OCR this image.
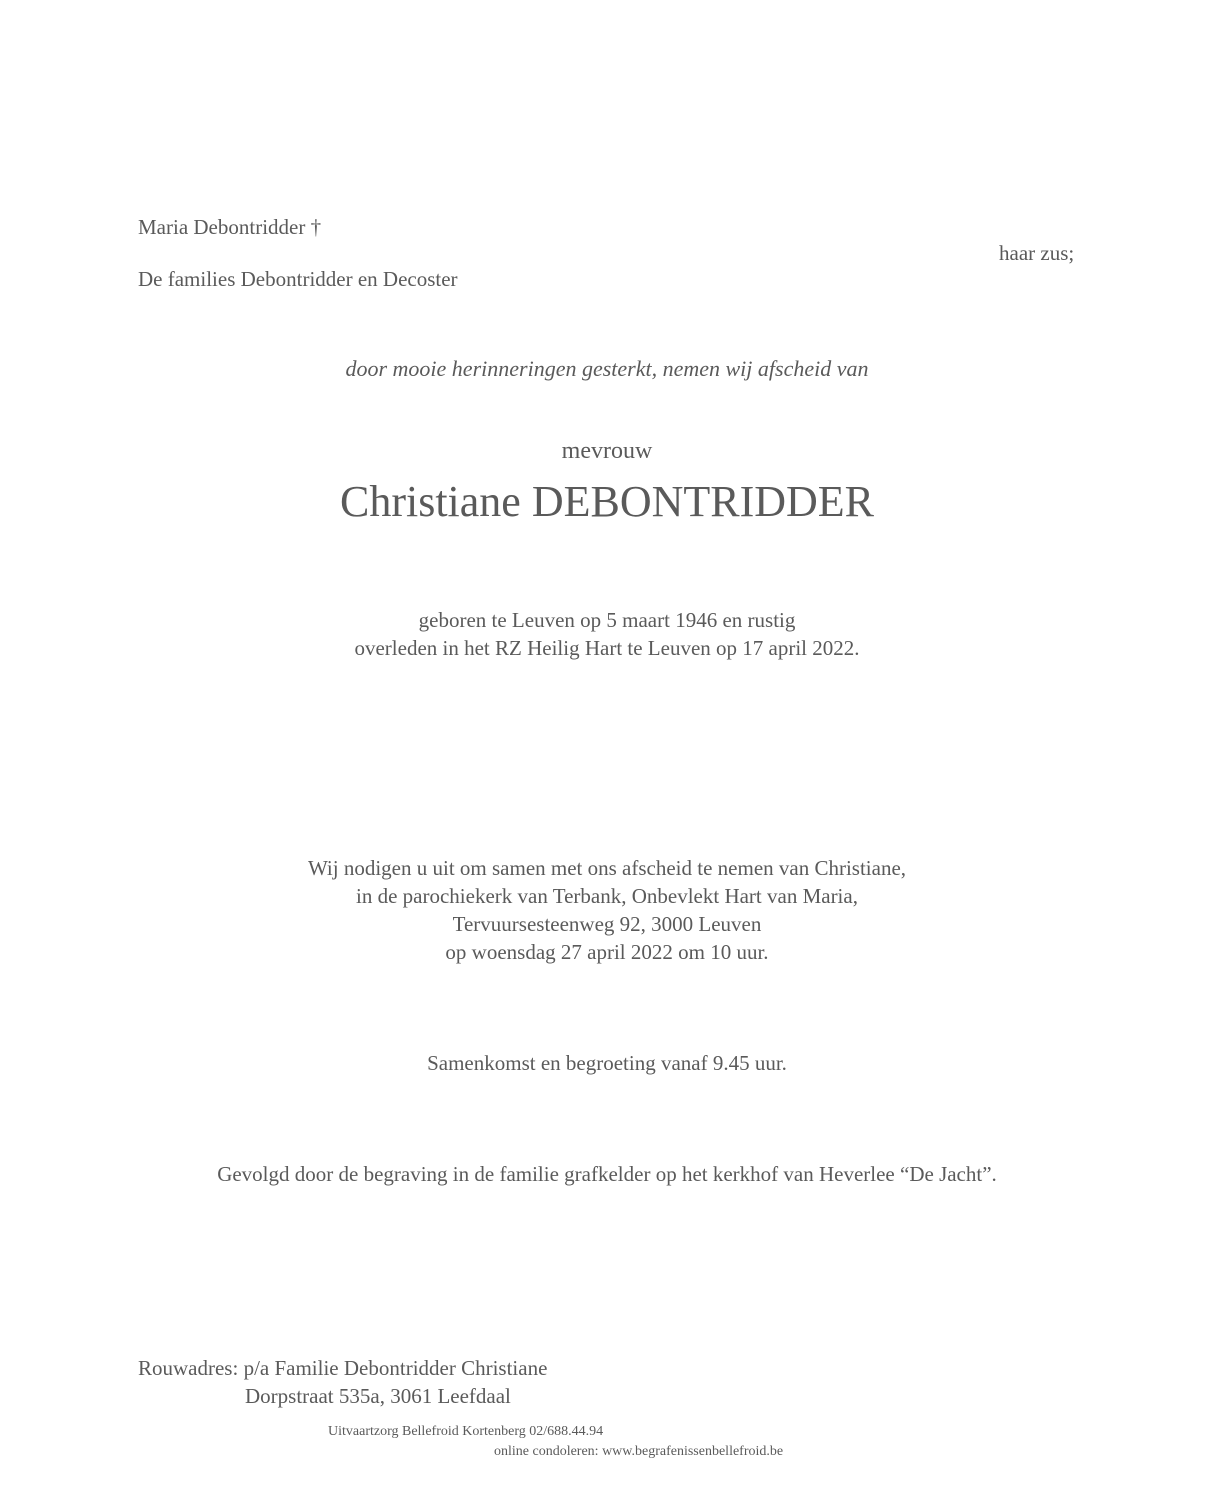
Maria Debontridder †
haar zus;
De families Debontridder en Decoster
door mooie herinneringen gesterkt, nemen wij afscheid van
mevrouw
Christiane DEBONTRIDDER
geboren te Leuven op 5 maart 1946 en rustig
overleden in het RZ Heilig Hart te Leuven op 17 april 2022.
Wij nodigen u uit om samen met ons afscheid te nemen van Christiane,
in de parochiekerk van Terbank, Onbevlekt Hart van Maria,
Tervuursesteenweg 92, 3000 Leuven
op woensdag 27 april 2022 om 10 uur.
Samenkomst en begroeting vanaf 9.45 uur.
Gevolgd door de begraving in de familie grafkelder op het kerkhof van Heverlee “De Jacht”.
Rouwadres: p/a Familie Debontridder Christiane
Dorpstraat 535a, 3061 Leefdaal
Uitvaartzorg Bellefroid Kortenberg 02/688.44.94
online condoleren: www.begrafenissenbellefroid.be
